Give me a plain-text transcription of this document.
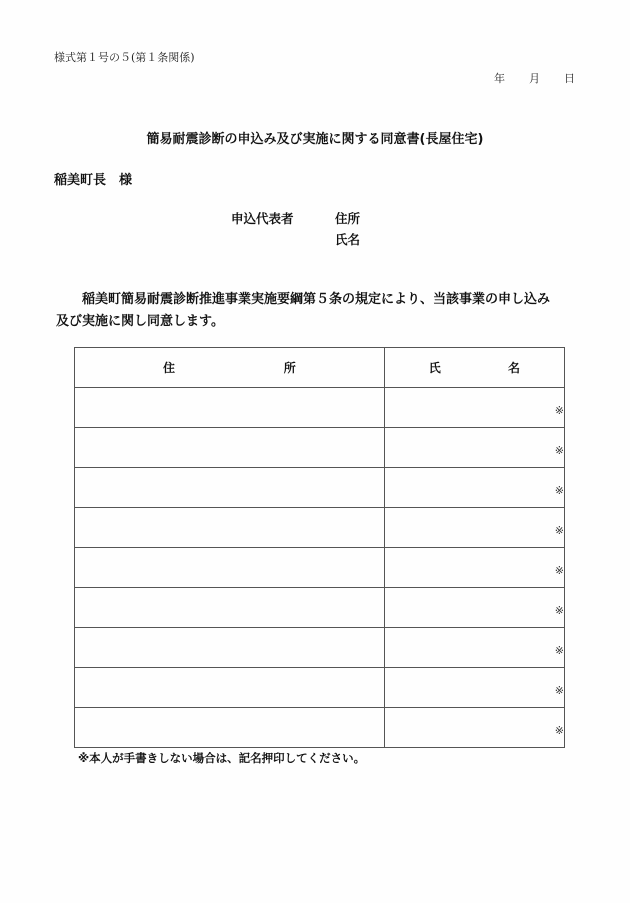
様式第１号の５(第１条関係)
年 月 日
簡易耐震診断の申込み及び実施に関する同意書(長屋住宅)
稲美町長　様
申込代表者	住所
氏名

稲美町簡易耐震診断推進事業実施要綱第５条の規定により、当該事業の申し込み

及び実施に関し同意します。

住 所	氏 名

	※
	※
	※
	※
	※
	※
	※
	※
	※
※本人が手書きしない場合は、記名押印してください。
